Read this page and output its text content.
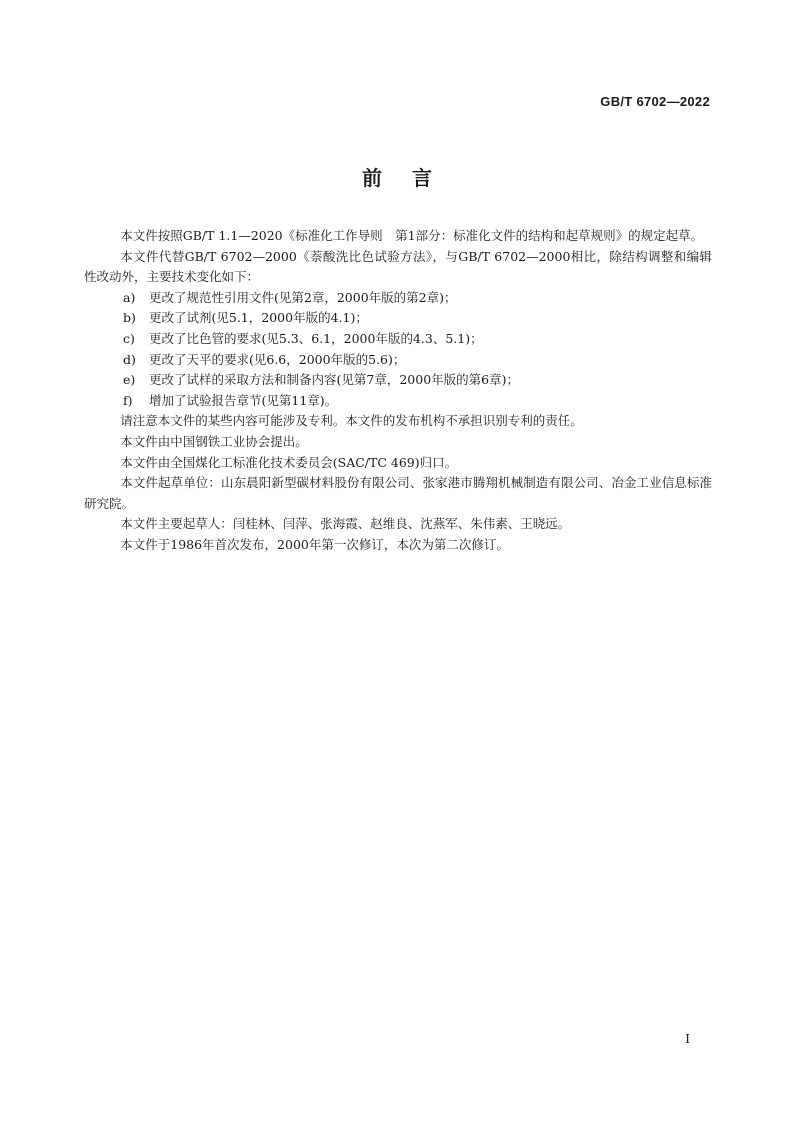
GB/T 6702—2022
前言

本文件按照GB/T 1.1—2020《标准化工作导则　第1部分：标准化文件的结构和起草规则》的规定起草。

本文件代替GB/T 6702—2000《萘酸洗比色试验方法》，与GB/T 6702—2000相比，除结构调整和编辑性改动外，主要技术变化如下：

a) 更改了规范性引用文件(见第2章，2000年版的第2章)；
b) 更改了试剂(见5.1，2000年版的4.1)；
c) 更改了比色管的要求(见5.3、6.1，2000年版的4.3、5.1)；
d) 更改了天平的要求(见6.6，2000年版的5.6)；
e) 更改了试样的采取方法和制备内容(见第7章，2000年版的第6章)；
f) 增加了试验报告章节(见第11章)。

请注意本文件的某些内容可能涉及专利。本文件的发布机构不承担识别专利的责任。

本文件由中国钢铁工业协会提出。

本文件由全国煤化工标准化技术委员会(SAC/TC 469)归口。

本文件起草单位：山东晨阳新型碳材料股份有限公司、张家港市腾翔机械制造有限公司、冶金工业信息标准研究院。

本文件主要起草人：闫桂林、闫萍、张海霞、赵维良、沈燕军、朱伟素、王晓远。

本文件于1986年首次发布，2000年第一次修订，本次为第二次修订。

I
